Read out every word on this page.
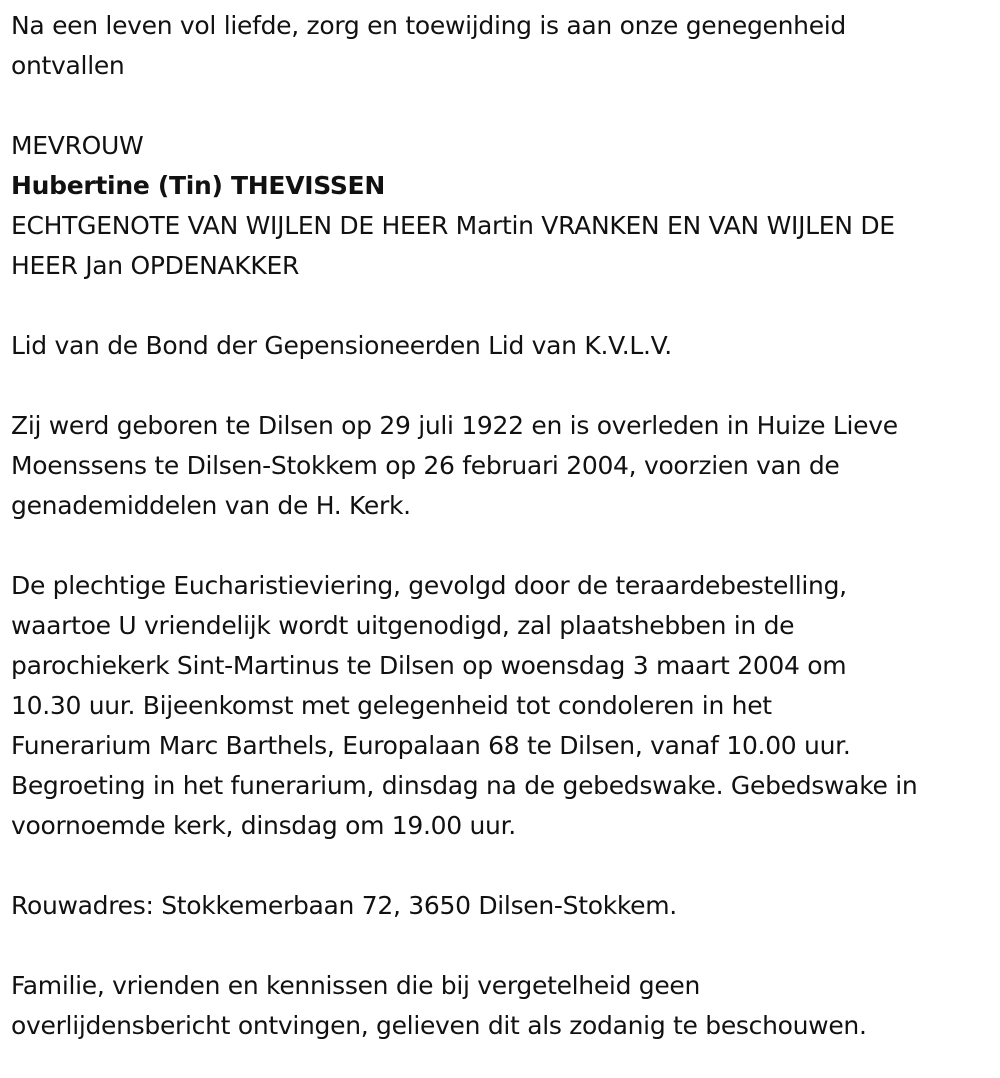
Na een leven vol liefde, zorg en toewijding is aan onze genegenheid
ontvallen
MEVROUW
Hubertine (Tin) THEVISSEN
ECHTGENOTE VAN WIJLEN DE HEER Martin VRANKEN EN VAN WIJLEN DE
HEER Jan OPDENAKKER
Lid van de Bond der Gepensioneerden Lid van K.V.L.V.
Zij werd geboren te Dilsen op 29 juli 1922 en is overleden in Huize Lieve
Moenssens te Dilsen-Stokkem op 26 februari 2004, voorzien van de
genademiddelen van de H. Kerk.
De plechtige Eucharistieviering, gevolgd door de teraardebestelling,
waartoe U vriendelijk wordt uitgenodigd, zal plaatshebben in de
parochiekerk Sint-Martinus te Dilsen op woensdag 3 maart 2004 om
10.30 uur. Bijeenkomst met gelegenheid tot condoleren in het
Funerarium Marc Barthels, Europalaan 68 te Dilsen, vanaf 10.00 uur.
Begroeting in het funerarium, dinsdag na de gebedswake. Gebedswake in
voornoemde kerk, dinsdag om 19.00 uur.
Rouwadres: Stokkemerbaan 72, 3650 Dilsen-Stokkem.
Familie, vrienden en kennissen die bij vergetelheid geen
overlijdensbericht ontvingen, gelieven dit als zodanig te beschouwen.
